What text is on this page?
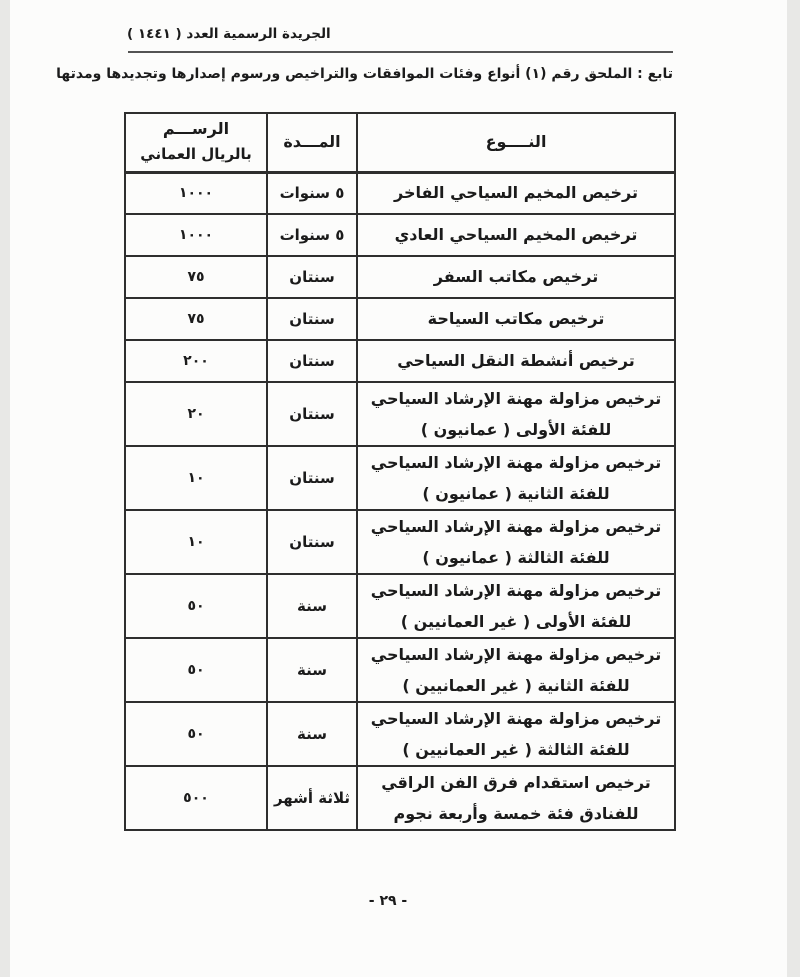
الجريدة الرسمية العدد ( ١٤٤١ )
تابع : الملحق رقم (١) أنواع وفئات الموافقات والتراخيص ورسوم إصدارها وتجديدها ومدتها
النــــوع	المـــدة	الرســـم
بالريال العماني

ترخيص المخيم السياحي الفاخر	٥ سنوات	١٠٠٠

ترخيص المخيم السياحي العادي	٥ سنوات	١٠٠٠

ترخيص مكاتب السفر	سنتان	٧٥

ترخيص مكاتب السياحة	سنتان	٧٥

ترخيص أنشطة النقل السياحي	سنتان	٢٠٠

ترخيص مزاولة مهنة الإرشاد السياحي
للفئة الأولى ( عمانيون )	سنتان	٢٠

ترخيص مزاولة مهنة الإرشاد السياحي
للفئة الثانية ( عمانيون )	سنتان	١٠

ترخيص مزاولة مهنة الإرشاد السياحي
للفئة الثالثة ( عمانيون )	سنتان	١٠

ترخيص مزاولة مهنة الإرشاد السياحي
للفئة الأولى ( غير العمانيين )	سنة	٥٠

ترخيص مزاولة مهنة الإرشاد السياحي
للفئة الثانية ( غير العمانيين )	سنة	٥٠

ترخيص مزاولة مهنة الإرشاد السياحي
للفئة الثالثة ( غير العمانيين )	سنة	٥٠

ترخيص استقدام فرق الفن الراقي
للفنادق فئة خمسة وأربعة نجوم	ثلاثة أشهر	٥٠٠
- ٢٩ -
